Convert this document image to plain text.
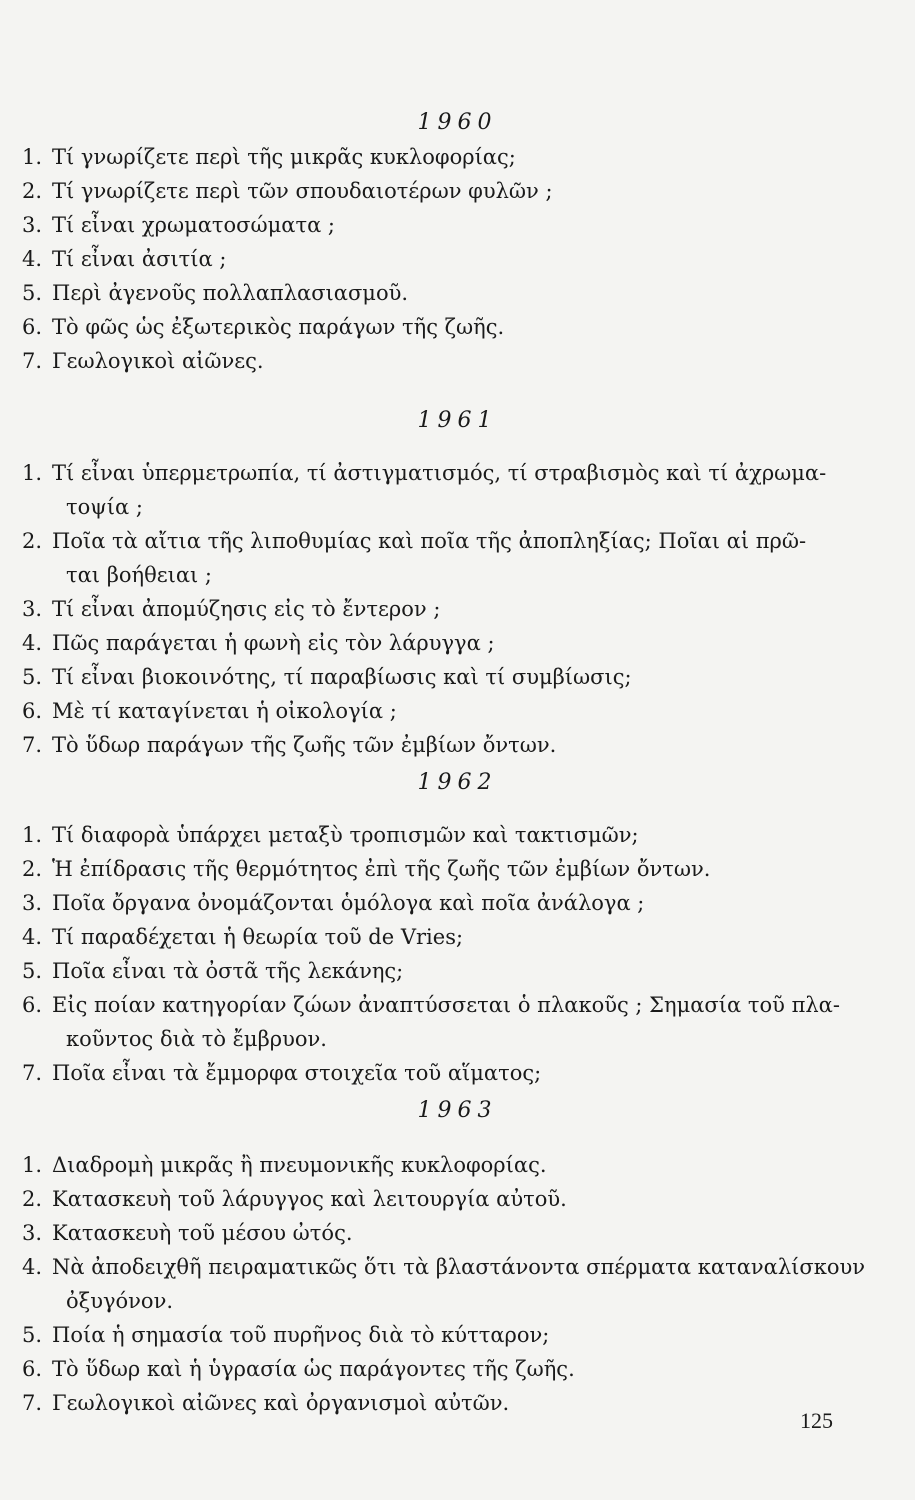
1960
1. Τί γνωρίζετε περὶ τῆς μικρᾶς κυκλοφορίας;
2. Τί γνωρίζετε περὶ τῶν σπουδαιοτέρων φυλῶν ;
3. Τί εἶναι χρωματοσώματα ;
4. Τί εἶναι ἀσιτία ;
5. Περὶ ἀγενοῦς πολλαπλασιασμοῦ.
6. Τὸ φῶς ὡς ἐξωτερικὸς παράγων τῆς ζωῆς.
7. Γεωλογικοὶ αἰῶνες.
1961
1. Τί εἶναι ὑπερμετρωπία, τί ἀστιγματισμός, τί στραβισμὸς καὶ τί ἀχρωμα-
τοψία ;
2. Ποῖα τὰ αἴτια τῆς λιποθυμίας καὶ ποῖα τῆς ἀποπληξίας; Ποῖαι αἱ πρῶ-
ται βοήθειαι ;
3. Τί εἶναι ἀπομύζησις εἰς τὸ ἔντερον ;
4. Πῶς παράγεται ἡ φωνὴ εἰς τὸν λάρυγγα ;
5. Τί εἶναι βιοκοινότης, τί παραβίωσις καὶ τί συμβίωσις;
6. Μὲ τί καταγίνεται ἡ οἰκολογία ;
7. Τὸ ὕδωρ παράγων τῆς ζωῆς τῶν ἐμβίων ὄντων.
1962
1. Τί διαφορὰ ὑπάρχει μεταξὺ τροπισμῶν καὶ τακτισμῶν;
2. Ἡ ἐπίδρασις τῆς θερμότητος ἐπὶ τῆς ζωῆς τῶν ἐμβίων ὄντων.
3. Ποῖα ὄργανα ὀνομάζονται ὁμόλογα καὶ ποῖα ἀνάλογα ;
4. Τί παραδέχεται ἡ θεωρία τοῦ de Vries;
5. Ποῖα εἶναι τὰ ὀστᾶ τῆς λεκάνης;
6. Εἰς ποίαν κατηγορίαν ζώων ἀναπτύσσεται ὁ πλακοῦς ; Σημασία τοῦ πλα-
κοῦντος διὰ τὸ ἔμβρυον.
7. Ποῖα εἶναι τὰ ἔμμορφα στοιχεῖα τοῦ αἵματος;
1963
1. Διαδρομὴ μικρᾶς ἢ πνευμονικῆς κυκλοφορίας.
2. Κατασκευὴ τοῦ λάρυγγος καὶ λειτουργία αὐτοῦ.
3. Κατασκευὴ τοῦ μέσου ὠτός.
4. Νὰ ἀποδειχθῆ πειραματικῶς ὅτι τὰ βλαστάνοντα σπέρματα καταναλίσκουν
ὀξυγόνον.
5. Ποία ἡ σημασία τοῦ πυρῆνος διὰ τὸ κύτταρον;
6. Τὸ ὕδωρ καὶ ἡ ὑγρασία ὡς παράγοντες τῆς ζωῆς.
7. Γεωλογικοὶ αἰῶνες καὶ ὀργανισμοὶ αὐτῶν.
125
